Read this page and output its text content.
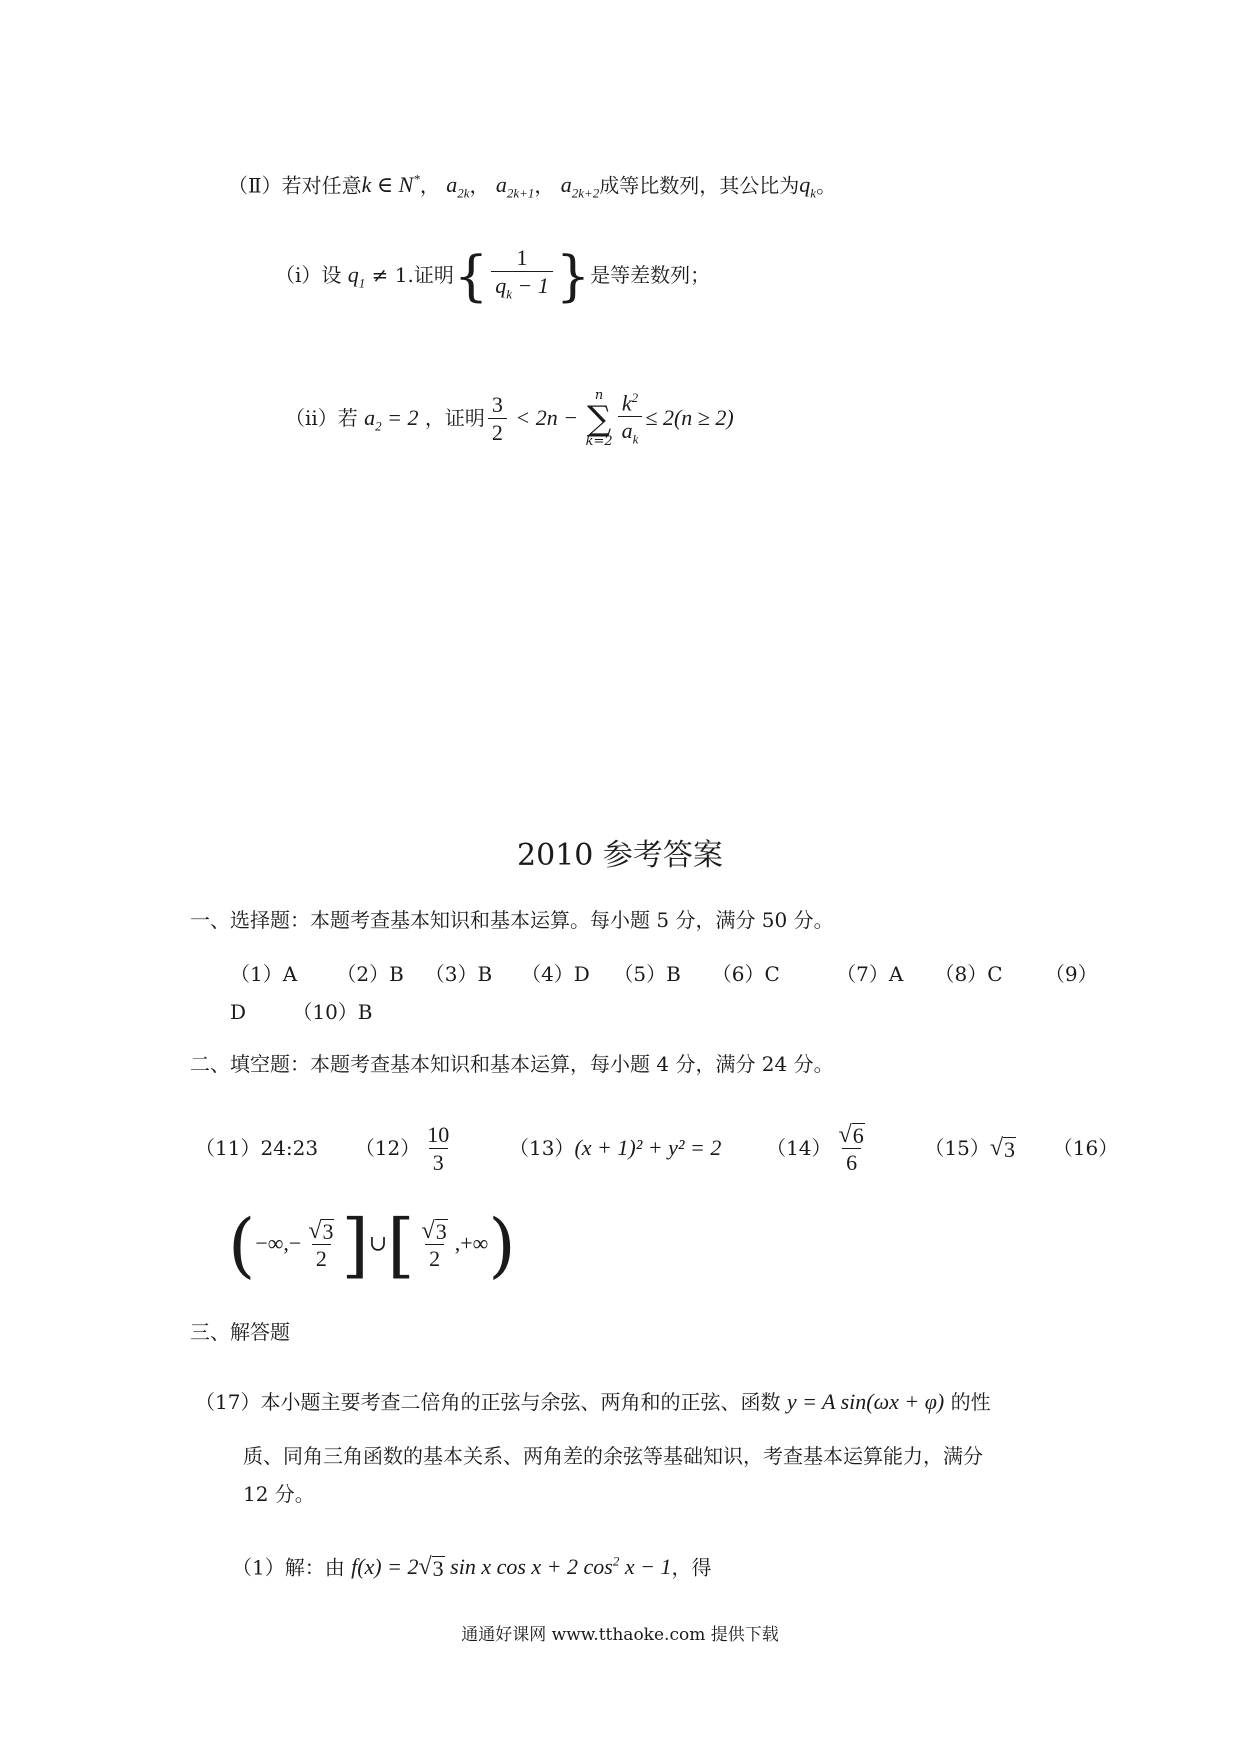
（Ⅱ）若对任意k ∈ N*， $a_{2k}$， $a_{2k+1}$， $a_{2k+2}$成等比数列，其公比为$q_k$。
（i）设 $q_1 \ne 1$.证明{ $\frac{1}{q_k - 1}$ }是等差数列；
（ii）若 $a_2 = 2$ ，证明 $\frac{3}{2} < 2n$ −
n
∑
$k=2 \frac{k^2}{a_k} \le 2(n \ge 2)$
2010 参考答案
一、选择题：本题考查基本知识和基本运算。每小题 5 分，满分 50 分。
（1）A （2）B （3）B （4）D （5）B （6）C	（7）A （8）C （9）
D （10）B
二、填空题：本题考查基本知识和基本运算，每小题 4 分，满分 24 分。
（11）24:23 $(12) \frac{10}{3}$	（13）(x + 1)² + y² = 2 $(14) \frac{√ 6}{6}$	（15） √ 3 （16）
(−∞,− $\frac{√ 3}{2}$ ]∪[ $\frac{√ 3}{2}$ ,+∞)
三、解答题
（17）本小题主要考查二倍角的正弦与余弦、两角和的正弦、函数 y = A sin(ωx + φ) 的性
质、同角三角函数的基本关系、两角差的余弦等基础知识，考查基本运算能力，满分
12 分。
（1）解：由 f(x) = 2 √ 3 sin x cos x + 2 $\cos^2 x - 1$，得
通通好课网 www.tthaoke.com 提供下载
